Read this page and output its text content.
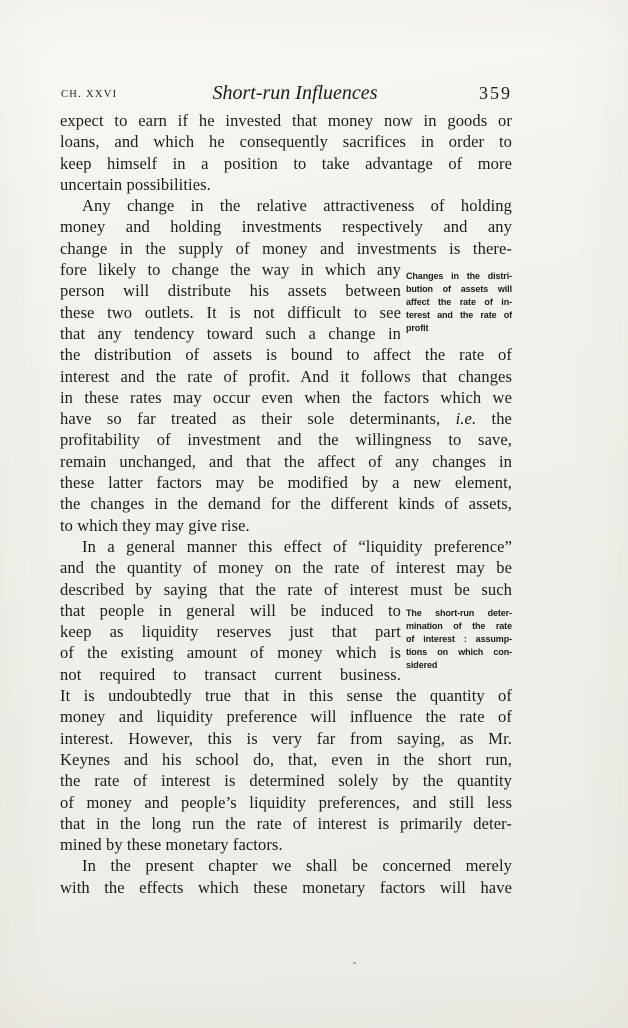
CH. XXVI	Short-run Influences	359
Changes in the distri-
bution of assets will
affect the rate of in-
terest and the rate of
profit
The short-run deter-
mination of the rate
of interest : assump-
tions on which con-
sidered
expect to earn if he invested that money now in goods or
loans, and which he consequently sacrifices in order to
keep himself in a position to take advantage of more
uncertain possibilities.
Any change in the relative attractiveness of holding
money and holding investments respectively and any
change in the supply of money and investments is there-
fore likely to change the way in which any
person will distribute his assets between
these two outlets. It is not difficult to see
that any tendency toward such a change in
the distribution of assets is bound to affect the rate of
interest and the rate of profit. And it follows that changes
in these rates may occur even when the factors which we
have so far treated as their sole determinants, i.e. the
profitability of investment and the willingness to save,
remain unchanged, and that the affect of any changes in
these latter factors may be modified by a new element,
the changes in the demand for the different kinds of assets,
to which they may give rise.
In a general manner this effect of “liquidity preference”
and the quantity of money on the rate of interest may be
described by saying that the rate of interest must be such
that people in general will be induced to
keep as liquidity reserves just that part
of the existing amount of money which is
not required to transact current business.
It is undoubtedly true that in this sense the quantity of
money and liquidity preference will influence the rate of
interest. However, this is very far from saying, as Mr.
Keynes and his school do, that, even in the short run,
the rate of interest is determined solely by the quantity
of money and people’s liquidity preferences, and still less
that in the long run the rate of interest is primarily deter-
mined by these monetary factors.
In the present chapter we shall be concerned merely
with the effects which these monetary factors will have
